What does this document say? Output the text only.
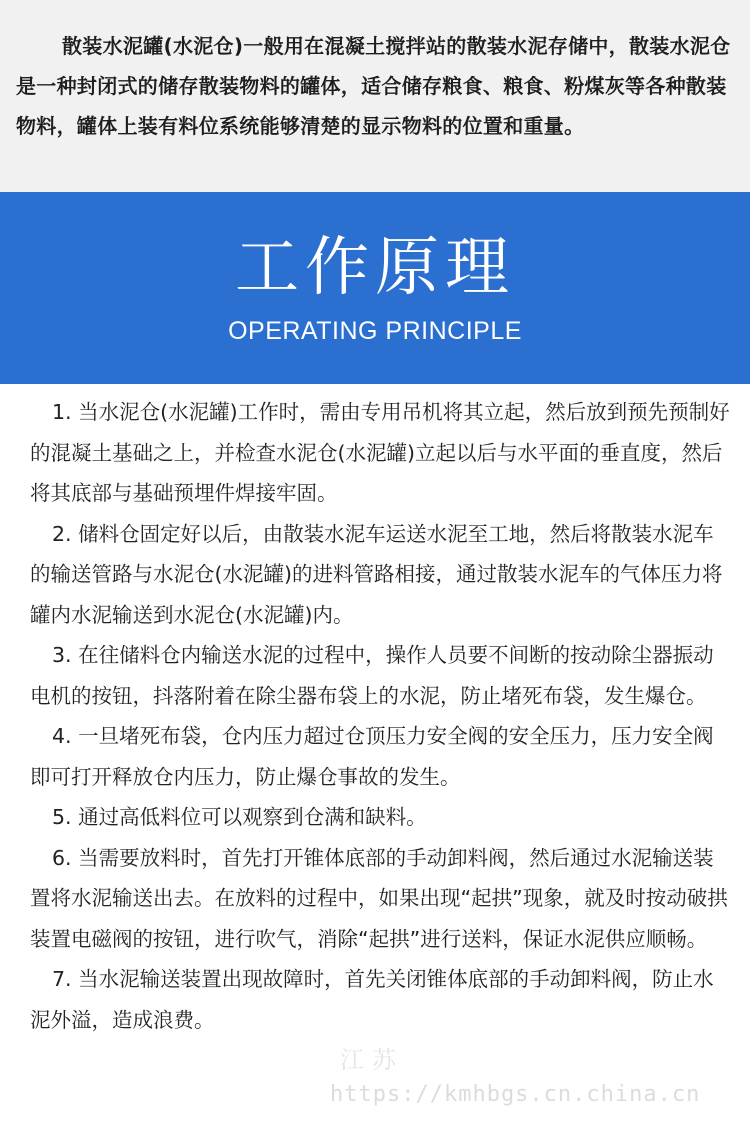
散装水泥罐(水泥仓)一般用在混凝土搅拌站的散装水泥存储中，散装水泥仓是一种封闭式的储存散装物料的罐体，适合储存粮食、粮食、粉煤灰等各种散装物料，罐体上装有料位系统能够清楚的显示物料的位置和重量。

工作原理
OPERATING PRINCIPLE

1. 当水泥仓(水泥罐)工作时，需由专用吊机将其立起，然后放到预先预制好的混凝土基础之上，并检查水泥仓(水泥罐)立起以后与水平面的垂直度，然后将其底部与基础预埋件焊接牢固。

2. 储料仓固定好以后，由散装水泥车运送水泥至工地，然后将散装水泥车的输送管路与水泥仓(水泥罐)的进料管路相接，通过散装水泥车的气体压力将罐内水泥输送到水泥仓(水泥罐)内。

3. 在往储料仓内输送水泥的过程中，操作人员要不间断的按动除尘器振动电机的按钮，抖落附着在除尘器布袋上的水泥，防止堵死布袋，发生爆仓。

4. 一旦堵死布袋，仓内压力超过仓顶压力安全阀的安全压力，压力安全阀即可打开释放仓内压力，防止爆仓事故的发生。

5. 通过高低料位可以观察到仓满和缺料。

6. 当需要放料时，首先打开锥体底部的手动卸料阀，然后通过水泥输送装置将水泥输送出去。在放料的过程中，如果出现“起拱”现象，就及时按动破拱装置电磁阀的按钮，进行吹气，消除“起拱”进行送料，保证水泥供应顺畅。

7. 当水泥输送装置出现故障时，首先关闭锥体底部的手动卸料阀，防止水泥外溢，造成浪费。

江苏
https://kmhbgs.cn.china.cn
